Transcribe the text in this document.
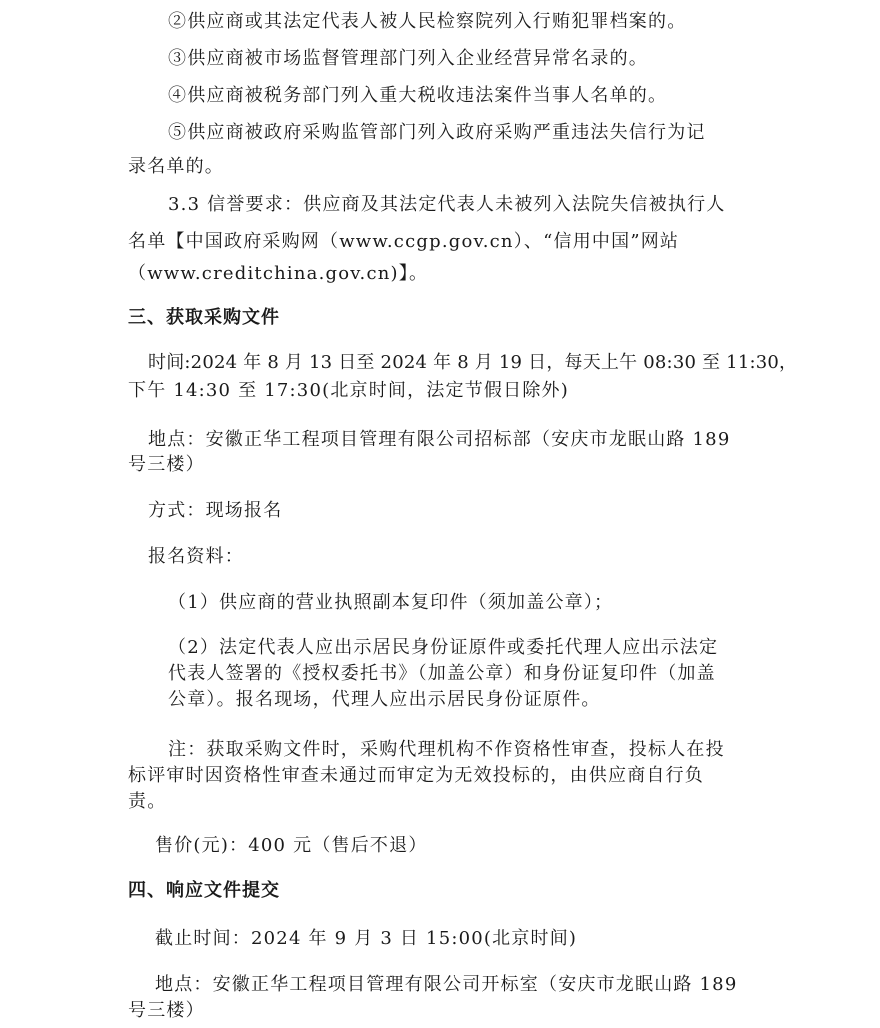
②供应商或其法定代表人被人民检察院列入行贿犯罪档案的。
③供应商被市场监督管理部门列入企业经营异常名录的。
④供应商被税务部门列入重大税收违法案件当事人名单的。
⑤供应商被政府采购监管部门列入政府采购严重违法失信行为记
录名单的。
3.3 信誉要求：供应商及其法定代表人未被列入法院失信被执行人
名单【中国政府采购网（www.ccgp.gov.cn）、“信用中国”网站
（www.creditchina.gov.cn)】。
三、获取采购文件
时间:2024 年 8 月 13 日至 2024 年 8 月 19 日，每天上午 08:30 至 11:30，
下午 14:30 至 17:30(北京时间，法定节假日除外)
地点：安徽正华工程项目管理有限公司招标部（安庆市龙眠山路 189
号三楼）
方式：现场报名
报名资料：
（1）供应商的营业执照副本复印件（须加盖公章）；
（2）法定代表人应出示居民身份证原件或委托代理人应出示法定
代表人签署的《授权委托书》（加盖公章）和身份证复印件（加盖
公章）。报名现场，代理人应出示居民身份证原件。
注：获取采购文件时，采购代理机构不作资格性审查，投标人在投
标评审时因资格性审查未通过而审定为无效投标的，由供应商自行负
责。
售价(元)：400 元（售后不退）
四、响应文件提交
截止时间：2024 年 9 月 3 日 15:00(北京时间)
地点：安徽正华工程项目管理有限公司开标室（安庆市龙眠山路 189
号三楼）
